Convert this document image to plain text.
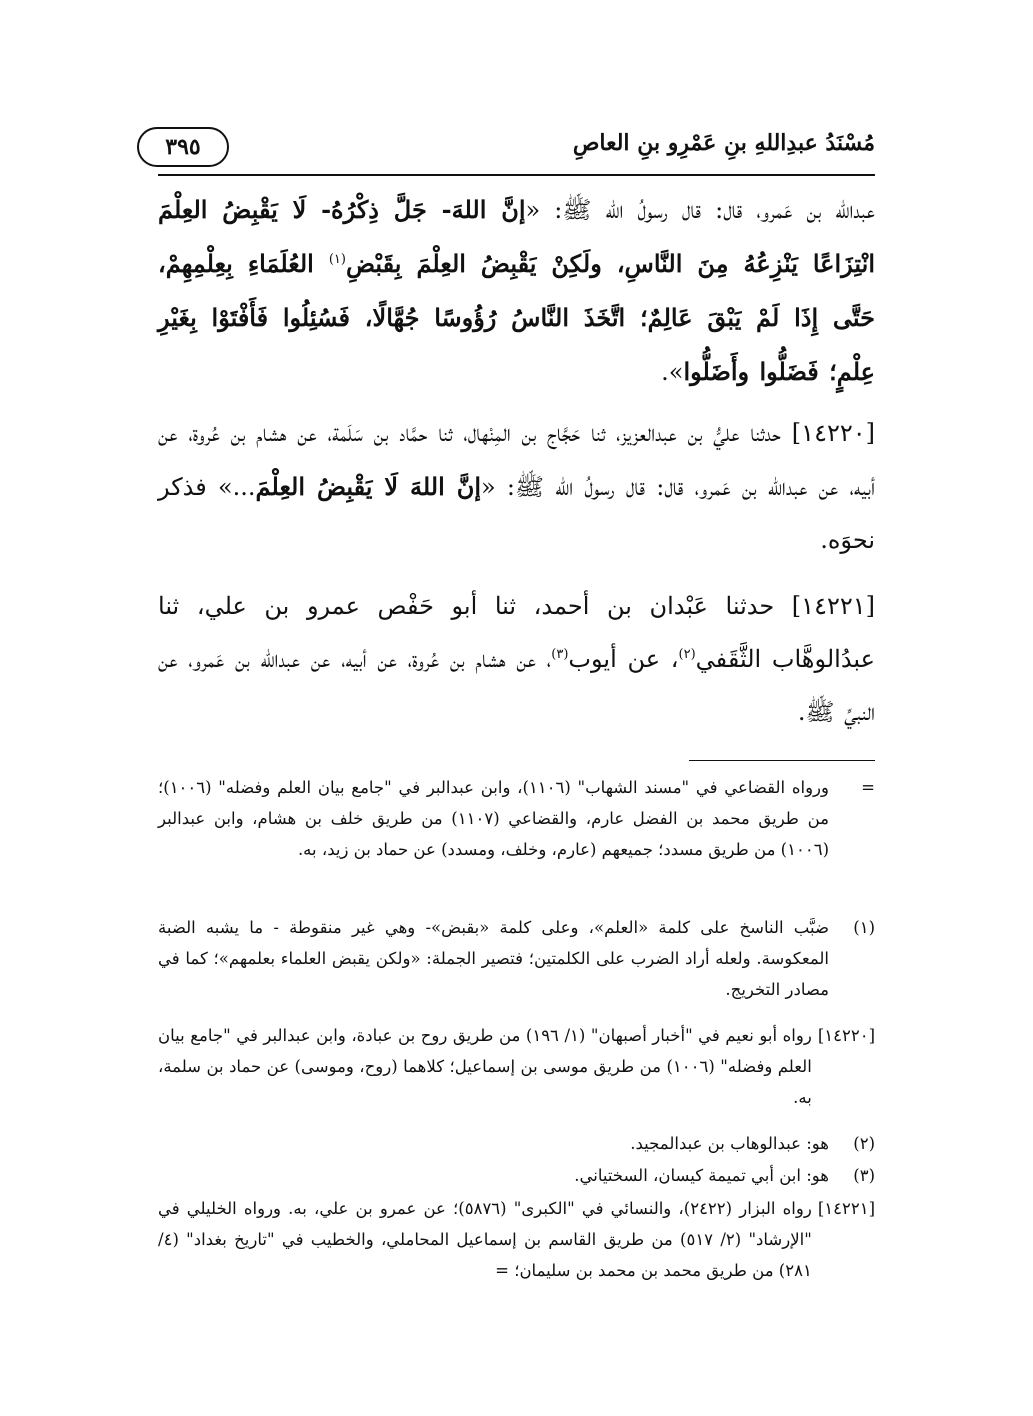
مُسْنَدُ عبدِاللهِ بنِ عَمْرِو بنِ العاصِ
٣٩٥

عبدالله بن عَمرو، قال: قال رسولُ الله ﷺ: «إنَّ اللهَ- جَلَّ ذِكْرُهُ- لَا يَقْبِضُ العِلْمَ انْتِزَاعًا يَنْزِعُهُ مِنَ النَّاسِ، ولَكِنْ يَقْبِضُ العِلْمَ بِقَبْضِ$^{(١)}$ العُلَمَاءِ بِعِلْمِهِمْ، حَتَّى إِذَا لَمْ يَبْقَ عَالِمٌ؛ اتَّخَذَ النَّاسُ رُؤُوسًا جُهَّالًا، فَسُئِلُوا فَأَفْتَوْا بِغَيْرِ عِلْمٍ؛ فَضَلُّوا وأَضَلُّوا».

[١٤٢٢٠] حدثنا عليُّ بن عبدالعزيز، ثنا حَجَّاج بن المِنْهال، ثنا حمَّاد بن سَلَمة، عن هشام بن عُروة، عن أبيه، عن عبدالله بن عَمرو، قال: قال رسولُ الله ﷺ: «إنَّ اللهَ لَا يَقْبِضُ العِلْمَ...» فذكر نحوَه.

[١٤٢٢١] حدثنا عَبْدان بن أحمد، ثنا أبو حَفْص عمرو بن علي، ثنا عبدُالوهَّاب الثَّقَفي$^{(٢)}$، عن أيوب$^{(٣)}$، عن هشام بن عُروة، عن أبيه، عن عبدالله بن عَمرو، عن النبيِّ ﷺ.

=
ورواه القضاعي في "مسند الشهاب" (١١٠٦)، وابن عبدالبر في "جامع بيان العلم وفضله" (١٠٠٦)؛ من طريق محمد بن الفضل عارم، والقضاعي (١١٠٧) من طريق خلف بن هشام، وابن عبدالبر (١٠٠٦) من طريق مسدد؛ جميعهم (عارم، وخلف، ومسدد) عن حماد بن زيد، به.
(١)
ضبَّب الناسخ على كلمة «العلم»، وعلى كلمة «بقبض»- وهي غير منقوطة - ما يشبه الضبة المعكوسة. ولعله أراد الضرب على الكلمتين؛ فتصير الجملة: «ولكن يقبض العلماء بعلمهم»؛ كما في مصادر التخريج.
[١٤٢٢٠]
رواه أبو نعيم في "أخبار أصبهان" (١/ ١٩٦) من طريق روح بن عبادة، وابن عبدالبر في "جامع بيان العلم وفضله" (١٠٠٦) من طريق موسى بن إسماعيل؛ كلاهما (روح، وموسى) عن حماد بن سلمة، به.
(٢)
هو: عبدالوهاب بن عبدالمجيد.
(٣)
هو: ابن أبي تميمة كيسان، السختياني.
[١٤٢٢١]
رواه البزار (٢٤٢٢)، والنسائي في "الكبرى" (٥٨٧٦)؛ عن عمرو بن علي، به. ورواه الخليلي في "الإرشاد" (٢/ ٥١٧) من طريق القاسم بن إسماعيل المحاملي، والخطيب في "تاريخ بغداد" (٤/ ٢٨١) من طريق محمد بن محمد بن سليمان؛ =
